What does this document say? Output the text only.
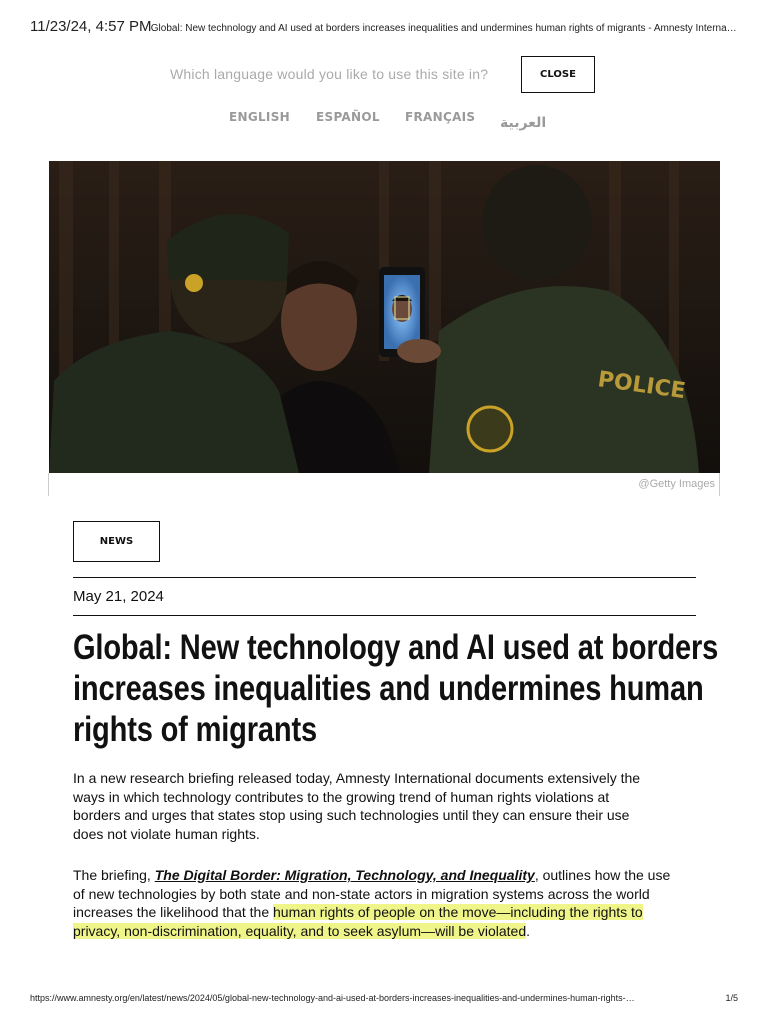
11/23/24, 4:57 PM Global: New technology and AI used at borders increases inequalities and undermines human rights of migrants - Amnesty Interna…
Which language would you like to use this site in?	CLOSE
ENGLISH ESPAÑOL FRANÇAIS العربية
POLICE
@Getty Images
NEWS
May 21, 2024
Global: New technology and AI used at borders
increases inequalities and undermines human
rights of migrants

In a new research briefing released today, Amnesty International documents extensively the
ways in which technology contributes to the growing trend of human rights violations at
borders and urges that states stop using such technologies until they can ensure their use
does not violate human rights.

The briefing, The Digital Border: Migration, Technology, and Inequality, outlines how the use
of new technologies by both state and non-state actors in migration systems across the world
increases the likelihood that the human rights of people on the move—including the rights to
privacy, non-discrimination, equality, and to seek asylum—will be violated.

https://www.amnesty.org/en/latest/news/2024/05/global-new-technology-and-ai-used-at-borders-increases-inequalities-and-undermines-human-rights-…	1/5
